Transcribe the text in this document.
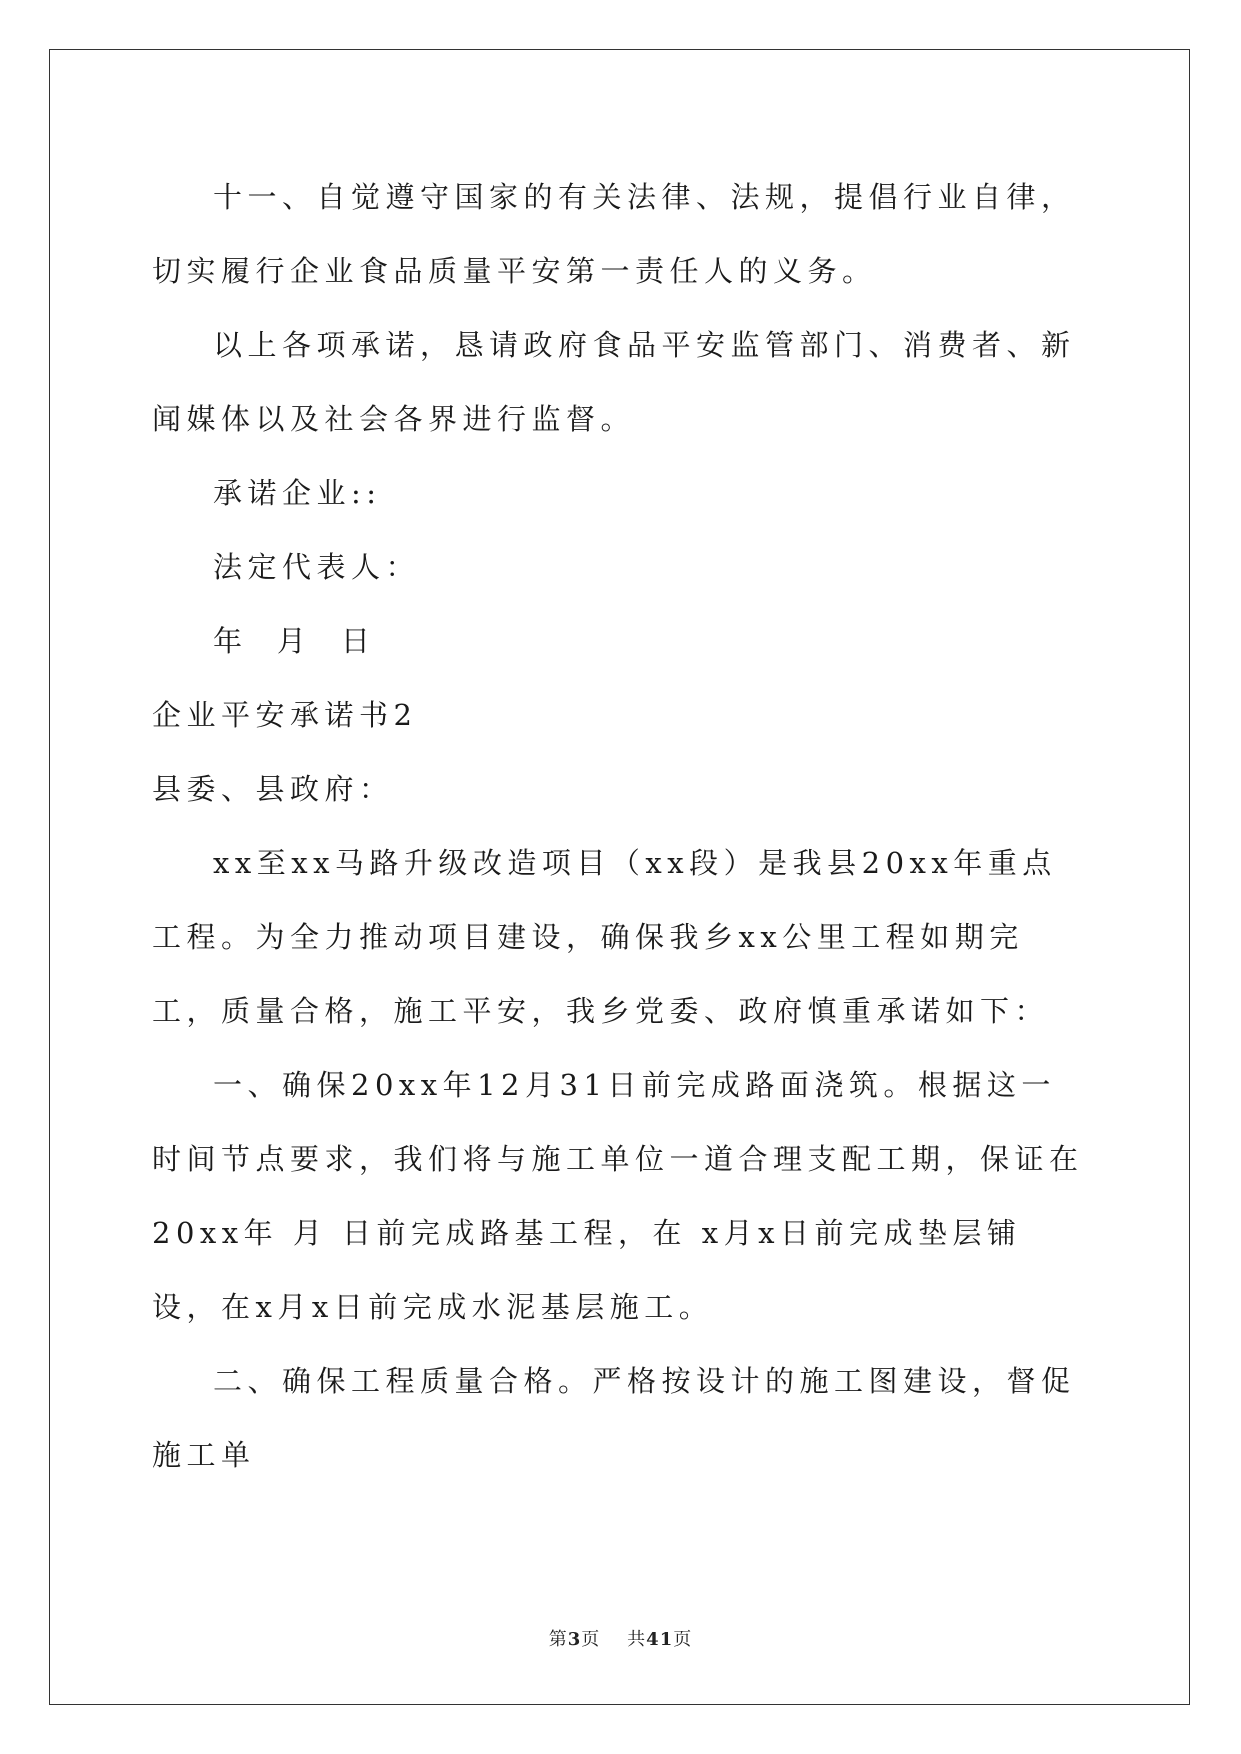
十一、自觉遵守国家的有关法律、法规，提倡行业自律，切实履行企业食品质量平安第一责任人的义务。

以上各项承诺，恳请政府食品平安监管部门、消费者、新闻媒体以及社会各界进行监督。

承诺企业::

法定代表人：

年  月  日

企业平安承诺书2

县委、县政府：

xx至xx马路升级改造项目（xx段）是我县20xx年重点工程。为全力推动项目建设，确保我乡xx公里工程如期完工，质量合格，施工平安，我乡党委、政府慎重承诺如下：

一、确保20xx年12月31日前完成路面浇筑。根据这一时间节点要求，我们将与施工单位一道合理支配工期，保证在20xx年 月 日前完成路基工程，在 x月x日前完成垫层铺设，在x月x日前完成水泥基层施工。

二、确保工程质量合格。严格按设计的施工图建设，督促施工单

第3页 共41页
